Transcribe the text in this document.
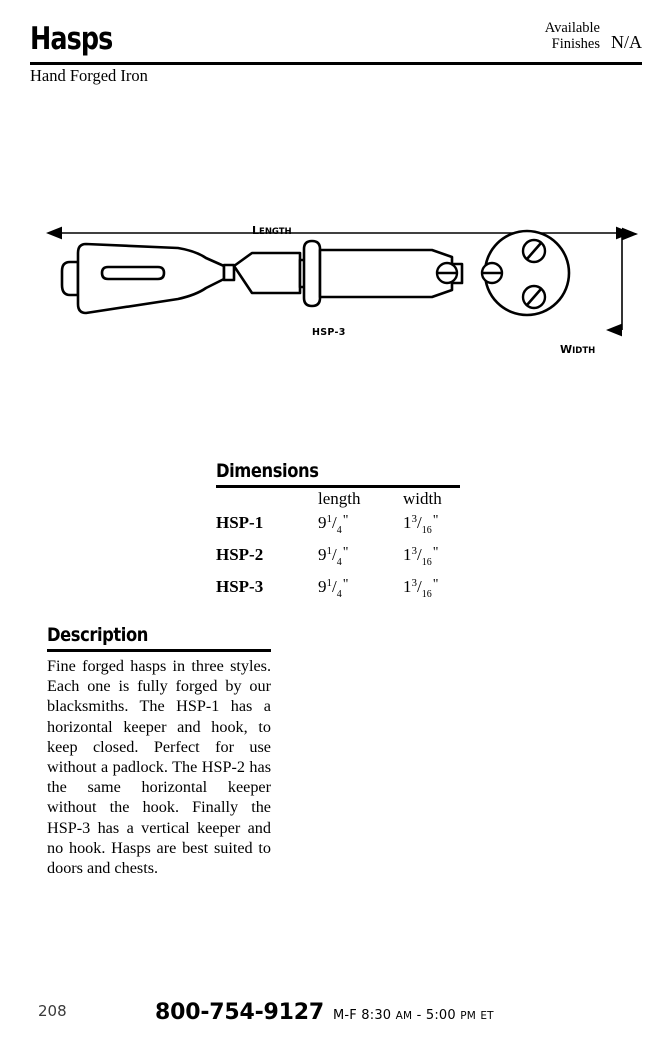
Hasps	Available
Finishes N/A
Hand Forged Iron
LENGTH
WIDTH
HSP-3
Dimensions
	length	width
HSP-1	$9^1/_4^"$	$1^3/_{16}^"$
HSP-2	$9^1/_4^"$	$1^3/_{16}^"$
HSP-3	$9^1/_4^"$	$1^3/_{16}^"$
Description
Fine forged hasps in three styles. Each one is fully forged by our blacksmiths. The HSP-1 has a horizontal keeper and hook, to keep closed. Perfect for use without a padlock. The HSP-2 has the same horizontal keeper without the hook. Finally the HSP-3 has a vertical keeper and no hook. Hasps are best suited to doors and chests.
208	800-754-9127 M-F 8:30 AM - 5:00 PM ET
